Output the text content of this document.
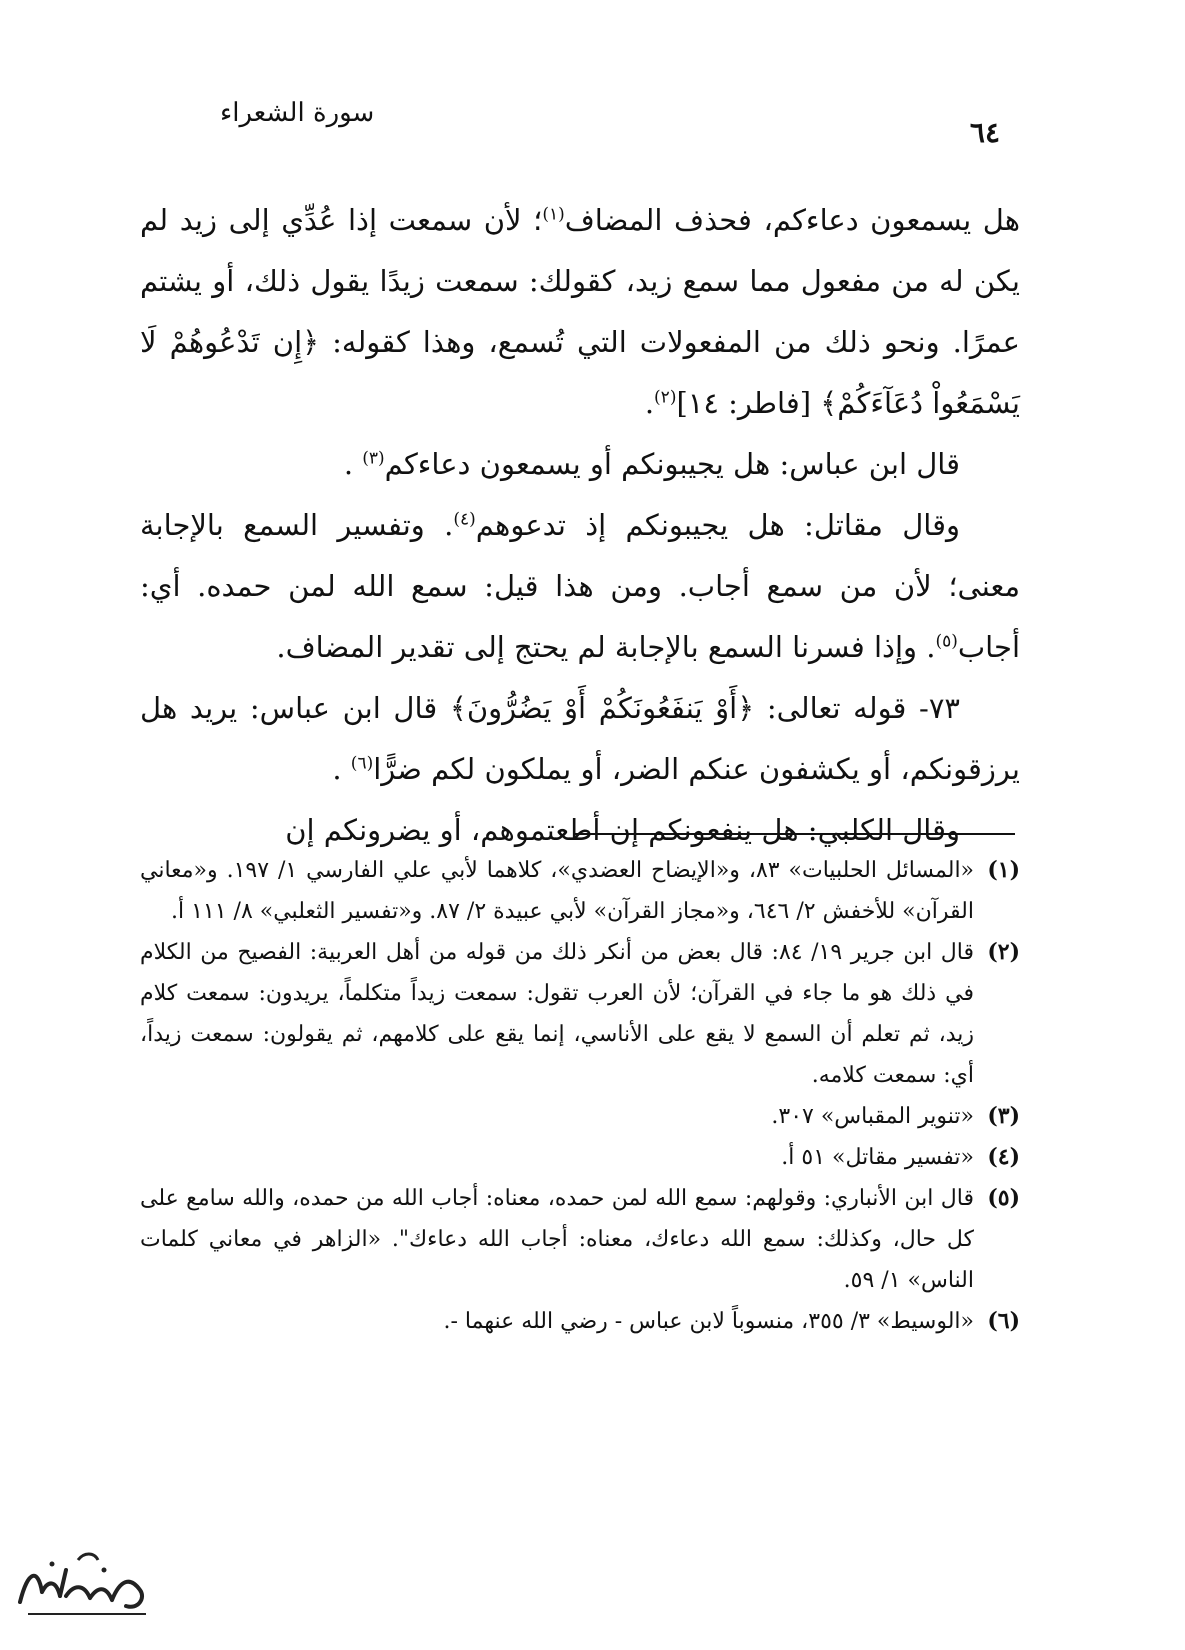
سورة الشعراء
٦٤

هل يسمعون دعاءكم، فحذف المضاف$^{(١)}$؛ لأن سمعت إذا عُدِّي إلى زيد لم يكن له من مفعول مما سمع زيد، كقولك: سمعت زيدًا يقول ذلك، أو يشتم عمرًا. ونحو ذلك من المفعولات التي تُسمع، وهذا كقوله: ﴿إِن تَدْعُوهُمْ لَا يَسْمَعُواْ دُعَآءَكُمْ﴾ [فاطر: ١٤]$^{(٢)}$.

قال ابن عباس: هل يجيبونكم أو يسمعون دعاءكم$^{(٣)}$ .

وقال مقاتل: هل يجيبونكم إذ تدعوهم$^{(٤)}$. وتفسير السمع بالإجابة معنى؛ لأن من سمع أجاب. ومن هذا قيل: سمع الله لمن حمده. أي: أجاب$^{(٥)}$. وإذا فسرنا السمع بالإجابة لم يحتج إلى تقدير المضاف.

٧٣- قوله تعالى: ﴿أَوْ يَنفَعُونَكُمْ أَوْ يَضُرُّونَ﴾ قال ابن عباس: يريد هل يرزقونكم، أو يكشفون عنكم الضر، أو يملكون لكم ضرًّا$^{(٦)}$ .

وقال الكلبي: هل ينفعونكم إن أطعتموهم، أو يضرونكم إن

(١)
«المسائل الحلبيات» ٨٣، و«الإيضاح العضدي»، كلاهما لأبي علي الفارسي ١/ ١٩٧. و«معاني القرآن» للأخفش ٢/ ٦٤٦، و«مجاز القرآن» لأبي عبيدة ٢/ ٨٧. و«تفسير الثعلبي» ٨/ ١١١ أ.
(٢)
قال ابن جرير ١٩/ ٨٤: قال بعض من أنكر ذلك من قوله من أهل العربية: الفصيح من الكلام في ذلك هو ما جاء في القرآن؛ لأن العرب تقول: سمعت زيداً متكلماً، يريدون: سمعت كلام زيد، ثم تعلم أن السمع لا يقع على الأناسي، إنما يقع على كلامهم، ثم يقولون: سمعت زيداً، أي: سمعت كلامه.
(٣)
«تنوير المقباس» ٣٠٧.
(٤)
«تفسير مقاتل» ٥١ أ.
(٥)
قال ابن الأنباري: وقولهم: سمع الله لمن حمده، معناه: أجاب الله من حمده، والله سامع على كل حال، وكذلك: سمع الله دعاءك، معناه: أجاب الله دعاءك". «الزاهر في معاني كلمات الناس» ١/ ٥٩.
(٦)
«الوسيط» ٣/ ٣٥٥، منسوباً لابن عباس - رضي الله عنهما -.
